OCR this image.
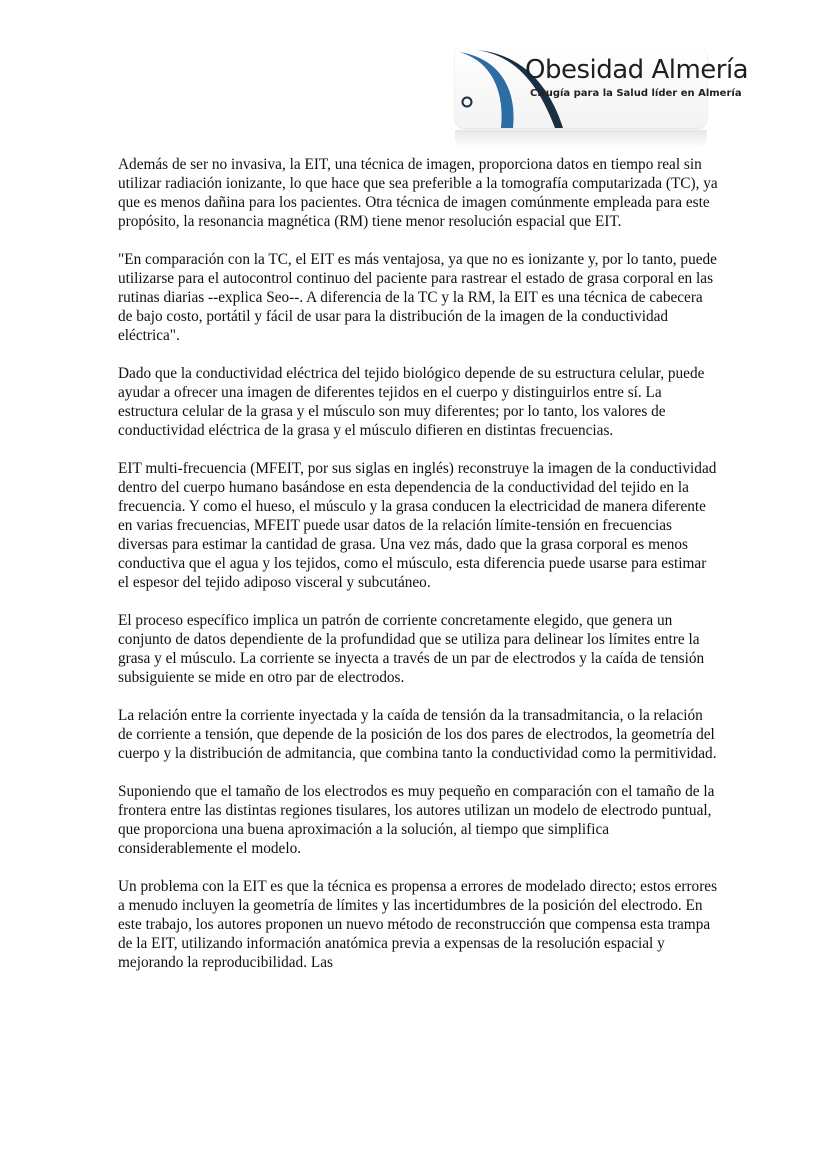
Obesidad Almería
Cirugía para la Salud líder en Almería

Además de ser no invasiva, la EIT, una técnica de imagen, proporciona datos en tiempo real sin utilizar radiación ionizante, lo que hace que sea preferible a la tomografía computarizada (TC), ya que es menos dañina para los pacientes. Otra técnica de imagen comúnmente empleada para este propósito, la resonancia magnética (RM) tiene menor resolución espacial que EIT.

"En comparación con la TC, el EIT es más ventajosa, ya que no es ionizante y, por lo tanto, puede utilizarse para el autocontrol continuo del paciente para rastrear el estado de grasa corporal en las rutinas diarias --explica Seo--. A diferencia de la TC y la RM, la EIT es una técnica de cabecera de bajo costo, portátil y fácil de usar para la distribución de la imagen de la conductividad eléctrica".

Dado que la conductividad eléctrica del tejido biológico depende de su estructura celular, puede ayudar a ofrecer una imagen de diferentes tejidos en el cuerpo y distinguirlos entre sí. La estructura celular de la grasa y el músculo son muy diferentes; por lo tanto, los valores de conductividad eléctrica de la grasa y el músculo difieren en distintas frecuencias.

EIT multi-frecuencia (MFEIT, por sus siglas en inglés) reconstruye la imagen de la conductividad dentro del cuerpo humano basándose en esta dependencia de la conductividad del tejido en la frecuencia. Y como el hueso, el músculo y la grasa conducen la electricidad de manera diferente en varias frecuencias, MFEIT puede usar datos de la relación límite-tensión en frecuencias diversas para estimar la cantidad de grasa. Una vez más, dado que la grasa corporal es menos conductiva que el agua y los tejidos, como el músculo, esta diferencia puede usarse para estimar el espesor del tejido adiposo visceral y subcutáneo.

El proceso específico implica un patrón de corriente concretamente elegido, que genera un conjunto de datos dependiente de la profundidad que se utiliza para delinear los límites entre la grasa y el músculo. La corriente se inyecta a través de un par de electrodos y la caída de tensión subsiguiente se mide en otro par de electrodos.

La relación entre la corriente inyectada y la caída de tensión da la transadmitancia, o la relación de corriente a tensión, que depende de la posición de los dos pares de electrodos, la geometría del cuerpo y la distribución de admitancia, que combina tanto la conductividad como la permitividad.

Suponiendo que el tamaño de los electrodos es muy pequeño en comparación con el tamaño de la frontera entre las distintas regiones tisulares, los autores utilizan un modelo de electrodo puntual, que proporciona una buena aproximación a la solución, al tiempo que simplifica considerablemente el modelo.

Un problema con la EIT es que la técnica es propensa a errores de modelado directo; estos errores a menudo incluyen la geometría de límites y las incertidumbres de la posición del electrodo. En este trabajo, los autores proponen un nuevo método de reconstrucción que compensa esta trampa de la EIT, utilizando información anatómica previa a expensas de la resolución espacial y mejorando la reproducibilidad. Las
